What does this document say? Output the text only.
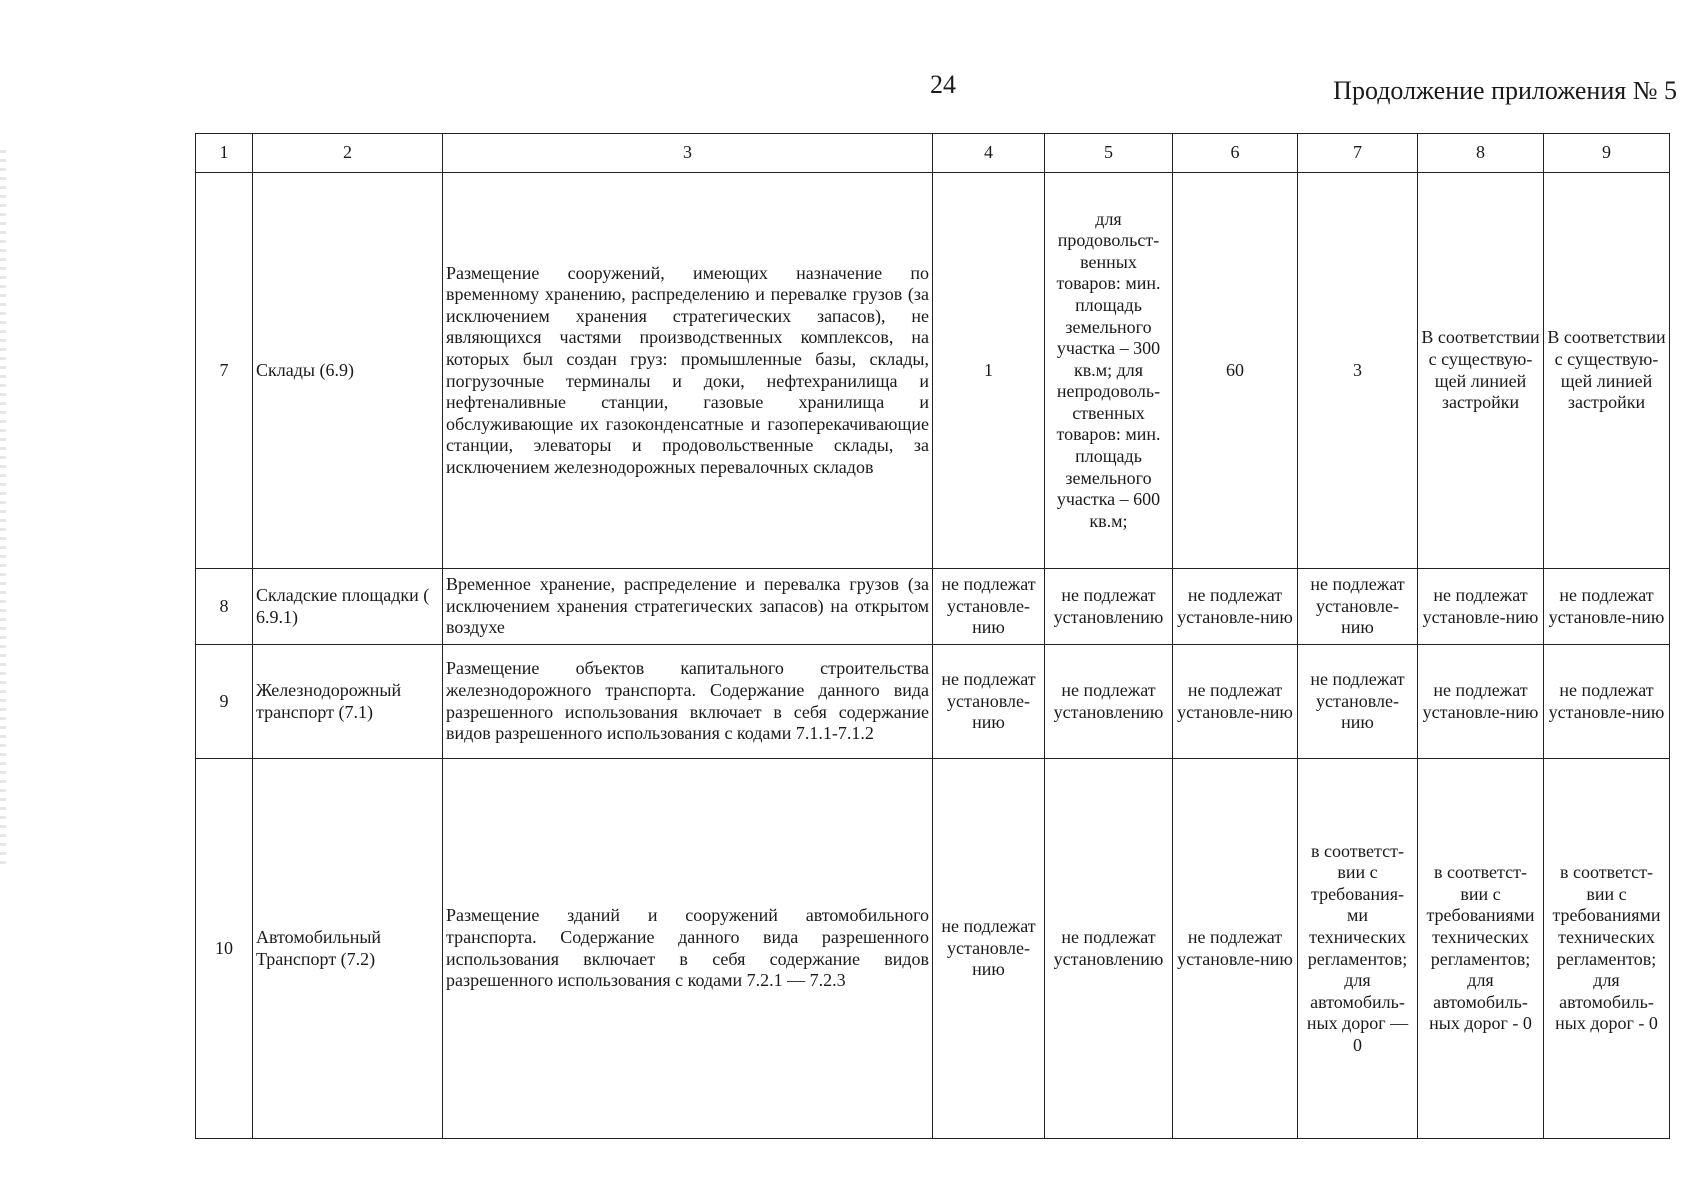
24	Продолжение приложения № 5
1	2	3	4	5	6	7	8	9
7	Склады (6.9)	Размещение сооружений, имеющих назначение по временному хранению, распределению и перевалке грузов (за исключением хранения стратегических запасов), не являющихся частями производственных комплексов, на которых был создан груз: промышленные базы, склады, погрузочные терминалы и доки, нефтехранилища и нефтеналивные станции, газовые хранилища и обслуживающие их газоконденсатные и газоперекачивающие станции, элеваторы и продовольственные склады, за исключением железнодорожных перевалочных складов	1	для продовольст-венных товаров: мин. площадь земельного участка – 300 кв.м; для непродоволь-ственных товаров: мин. площадь земельного участка – 600 кв.м;	60	3	В соответствии с существую-щей линией застройки	В соответствии с существую-щей линией застройки
8	Складские площадки ( 6.9.1)	Временное хранение, распределение и перевалка грузов (за исключением хранения стратегических запасов) на открытом воздухе	не подлежат установле-нию	не подлежат установлению	не подлежат установле-нию	не подлежат установле-нию	не подлежат установле-нию	не подлежат установле-нию
9	Железнодорожный транспорт (7.1)	Размещение объектов капитального строительства железнодорожного транспорта. Содержание данного вида разрешенного использования включает в себя содержание видов разрешенного использования с кодами 7.1.1-7.1.2	не подлежат установле-нию	не подлежат установлению	не подлежат установле-нию	не подлежат установле-нию	не подлежат установле-нию	не подлежат установле-нию
10	Автомобильный Транспорт (7.2)	Размещение зданий и сооружений автомобильного транспорта. Содержание данного вида разрешенного использования включает в себя содержание видов разрешенного использования с кодами 7.2.1 — 7.2.3	не подлежат установле-нию	не подлежат установлению	не подлежат установле-нию	в соответст-вии с требования-ми технических регламентов; для автомобиль-ных дорог — 0	в соответст-вии с требованиями технических регламентов; для автомобиль-ных дорог - 0	в соответст-вии с требованиями технических регламентов; для автомобиль-ных дорог - 0
